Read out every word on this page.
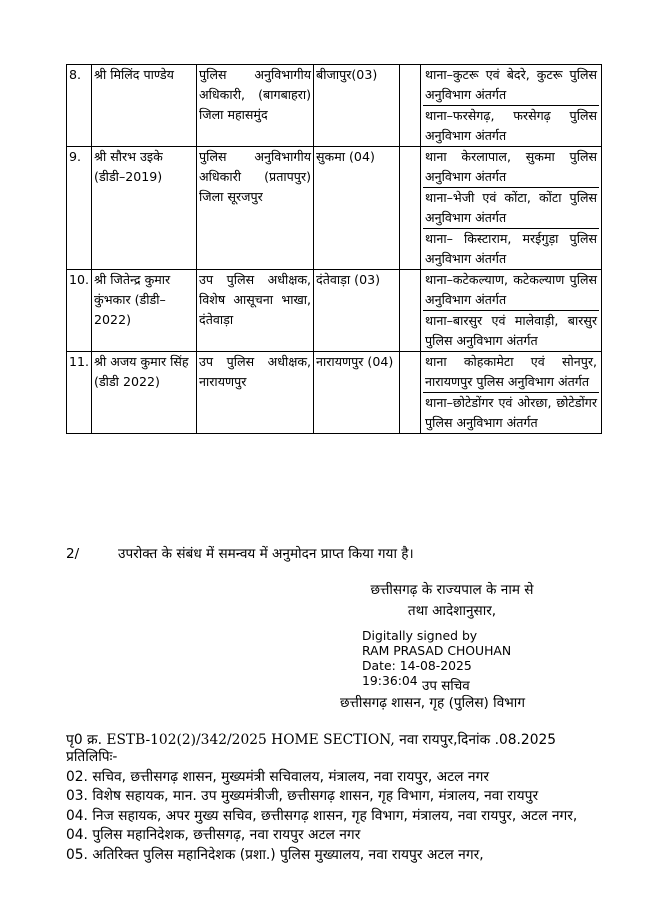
8.	श्री मिलिंद पाण्डेय	पुलिस अनुविभागीय अधिकारी, (बागबाहरा) जिला महासमुंद	बीजापुर(03)		थाना–कुटरू एवं बेदरे, कुटरू पुलिस अनुविभाग अंतर्गत
थाना–फरसेगढ़, फरसेगढ़ पुलिस अनुविभाग अंतर्गत

9.	श्री सौरभ उइके (डीडी–2019)	पुलिस अनुविभागीय अधिकारी (प्रतापपुर) जिला सूरजपुर	सुकमा (04)		थाना केरलापाल, सुकमा पुलिस अनुविभाग अंतर्गत
थाना–भेजी एवं कोंटा, कोंटा पुलिस अनुविभाग अंतर्गत
थाना– किस्टाराम, मरईगुड़ा पुलिस अनुविभाग अंतर्गत

10.	श्री जितेन्द्र कुमार कुंभकार (डीडी–2022)	उप पुलिस अधीक्षक, विशेष आसूचना भाखा, दंतेवाड़ा	दंतेवाड़ा (03)		थाना–कटेकल्याण, कटेकल्याण पुलिस अनुविभाग अंतर्गत
थाना–बारसुर एवं मालेवाड़ी, बारसुर पुलिस अनुविभाग अंतर्गत

11.	श्री अजय कुमार सिंह (डीडी 2022)	उप पुलिस अधीक्षक, नारायणपुर	नारायणपुर (04)		थाना कोहकामेटा एवं सोनपुर, नारायणपुर पुलिस अनुविभाग अंतर्गत
थाना–छोटेडोंगर एवं ओरछा, छोटेडोंगर पुलिस अनुविभाग अंतर्गत
2/	उपरोक्त के संबंध में समन्वय में अनुमोदन प्राप्त किया गया है।
छत्तीसगढ़ के राज्यपाल के नाम से
तथा आदेशानुसार,
Digitally signed by
RAM PRASAD CHOUHAN
Date: 14-08-2025
19:36:04 उप सचिव
छत्तीसगढ़ शासन, गृह (पुलिस) विभाग
पृ0 क्र. ESTB-102(2)/342/2025 HOME SECTION, नवा रायपुर,दिनांक .08.2025
प्रतिलिपिः-
02. सचिव, छत्तीसगढ़ शासन, मुख्यमंत्री सचिवालय, मंत्रालय, नवा रायपुर, अटल नगर
03. विशेष सहायक, मान. उप मुख्यमंत्रीजी, छत्तीसगढ़ शासन, गृह विभाग, मंत्रालय, नवा रायपुर
04. निज सहायक, अपर मुख्य सचिव, छत्तीसगढ़ शासन, गृह विभाग, मंत्रालय, नवा रायपुर, अटल नगर,
04. पुलिस महानिदेशक, छत्तीसगढ़, नवा रायपुर अटल नगर
05. अतिरिक्त पुलिस महानिदेशक (प्रशा.) पुलिस मुख्यालय, नवा रायपुर अटल नगर,
